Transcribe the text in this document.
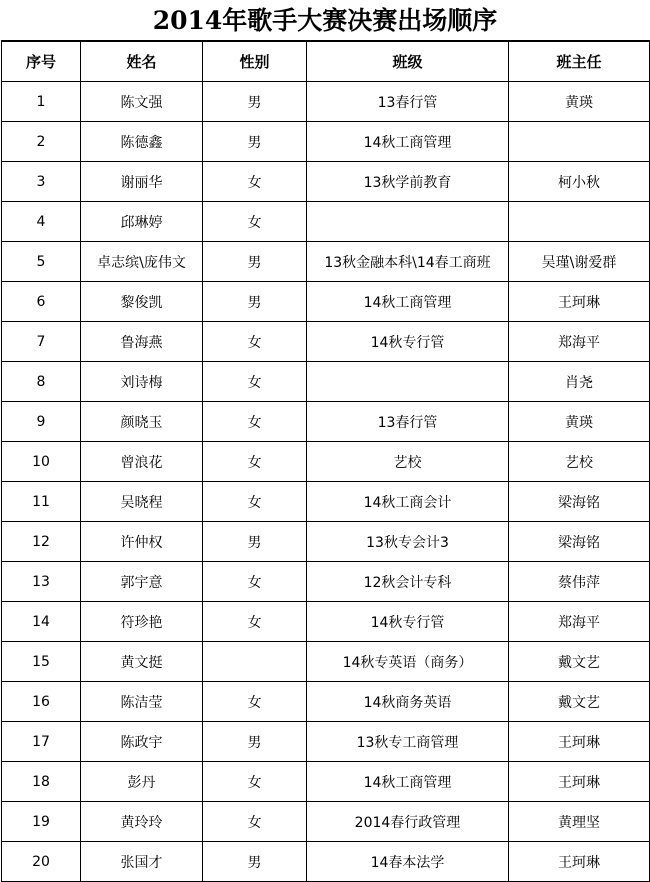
2014年歌手大赛决赛出场顺序
序号	姓名	性别	班级	班主任
1	陈文强	男	13春行管	黄瑛
2	陈德鑫	男	14秋工商管理	
3	谢丽华	女	13秋学前教育	柯小秋
4	邱琳婷	女		
5	卓志缤\庞伟文	男	13秋金融本科\14春工商班	吴瑾\谢爱群
6	黎俊凯	男	14秋工商管理	王珂琳
7	鲁海燕	女	14秋专行管	郑海平
8	刘诗梅	女		肖尧
9	颜晓玉	女	13春行管	黄瑛
10	曾浪花	女	艺校	艺校
11	吴晓程	女	14秋工商会计	梁海铭
12	许仲权	男	13秋专会计3	梁海铭
13	郭宇意	女	12秋会计专科	蔡伟萍
14	符珍艳	女	14秋专行管	郑海平
15	黄文挺		14秋专英语（商务）	戴文艺
16	陈洁莹	女	14秋商务英语	戴文艺
17	陈政宇	男	13秋专工商管理	王珂琳
18	彭丹	女	14秋工商管理	王珂琳
19	黄玲玲	女	2014春行政管理	黄理坚
20	张国才	男	14春本法学	王珂琳
